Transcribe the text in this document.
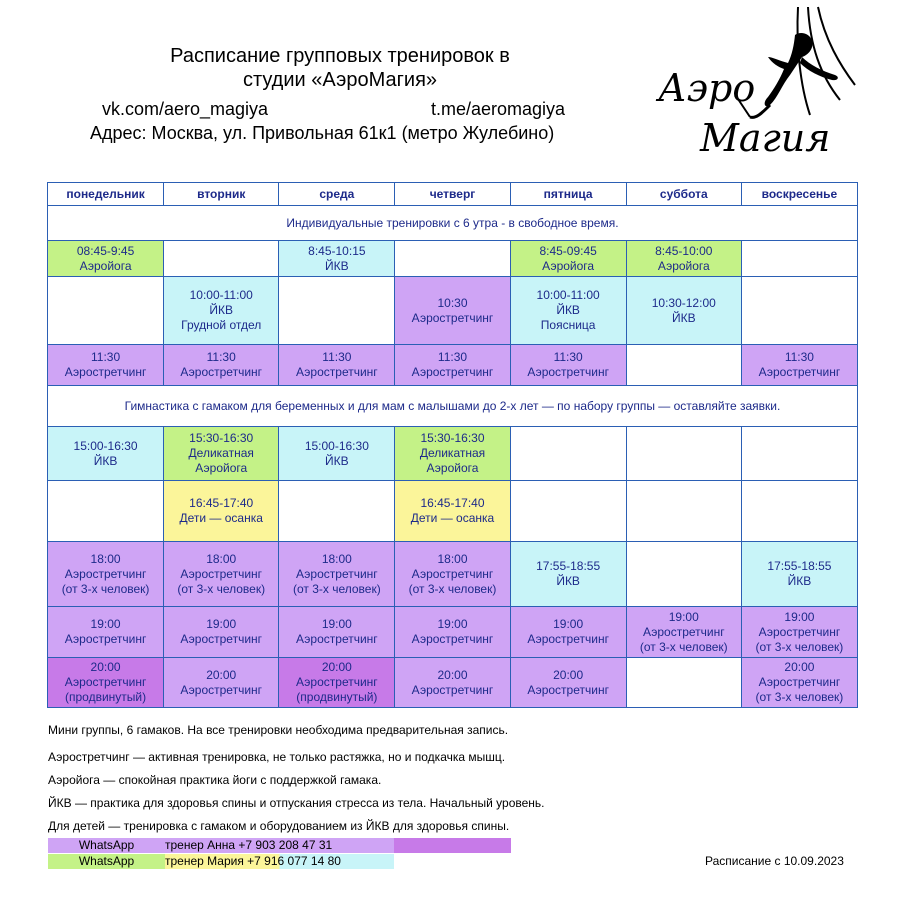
Расписание групповых тренировок в
студии «АэроМагия»
vk.com/aero_magiya	t.me/aeromagiya
Адрес: Москва, ул. Привольная 61к1 (метро Жулебино)
Аэро
Магия
понедельник	вторник	среда	четверг	пятница	суббота	воскресенье
Индивидуальные тренировки с 6 утра - в свободное время.						

08:45-9:45
Аэройога		8:45-10:15
ЙКВ		8:45-09:45
Аэройога	8:45-10:00
Аэройога	

	10:00-11:00
ЙКВ
Грудной отдел		10:30
Аэростретчинг	10:00-11:00
ЙКВ
Поясница	10:30-12:00
ЙКВ	

11:30
Аэростретчинг	11:30
Аэростретчинг	11:30
Аэростретчинг	11:30
Аэростретчинг	11:30
Аэростретчинг		11:30
Аэростретчинг

Гимнастика с гамаком для беременных и для мам с малышами до 2-х лет — по набору группы — оставляйте заявки.						

15:00-16:30
ЙКВ	15:30-16:30
Деликатная
Аэройога	15:00-16:30
ЙКВ	15:30-16:30
Деликатная
Аэройога			

	16:45-17:40
Дети — осанка		16:45-17:40
Дети — осанка			

18:00
Аэростретчинг
(от 3-х человек)	18:00
Аэростретчинг
(от 3-х человек)	18:00
Аэростретчинг
(от 3-х человек)	18:00
Аэростретчинг
(от 3-х человек)	17:55-18:55
ЙКВ		17:55-18:55
ЙКВ

19:00
Аэростретчинг	19:00
Аэростретчинг	19:00
Аэростретчинг	19:00
Аэростретчинг	19:00
Аэростретчинг	19:00
Аэростретчинг
(от 3-х человек)	19:00
Аэростретчинг
(от 3-х человек)

20:00
Аэростретчинг
(продвинутый)	20:00
Аэростретчинг	20:00
Аэростретчинг
(продвинутый)	20:00
Аэростретчинг	20:00
Аэростретчинг		20:00
Аэростретчинг
(от 3-х человек)
Мини группы, 6 гамаков. На все тренировки необходима предварительная запись.
Аэростретчинг — активная тренировка, не только растяжка, но и подкачка мышц.
Аэройога — спокойная практика йоги с поддержкой гамака.
ЙКВ — практика для здоровья спины и отпускания стресса из тела. Начальный уровень.
Для детей — тренировка с гамаком и оборудованием из ЙКВ для здоровья спины.
WhatsApp	тренер Анна +7 903 208 47 31
WhatsApp	тренер Мария +7 916 077 14 80	Расписание с 10.09.2023
